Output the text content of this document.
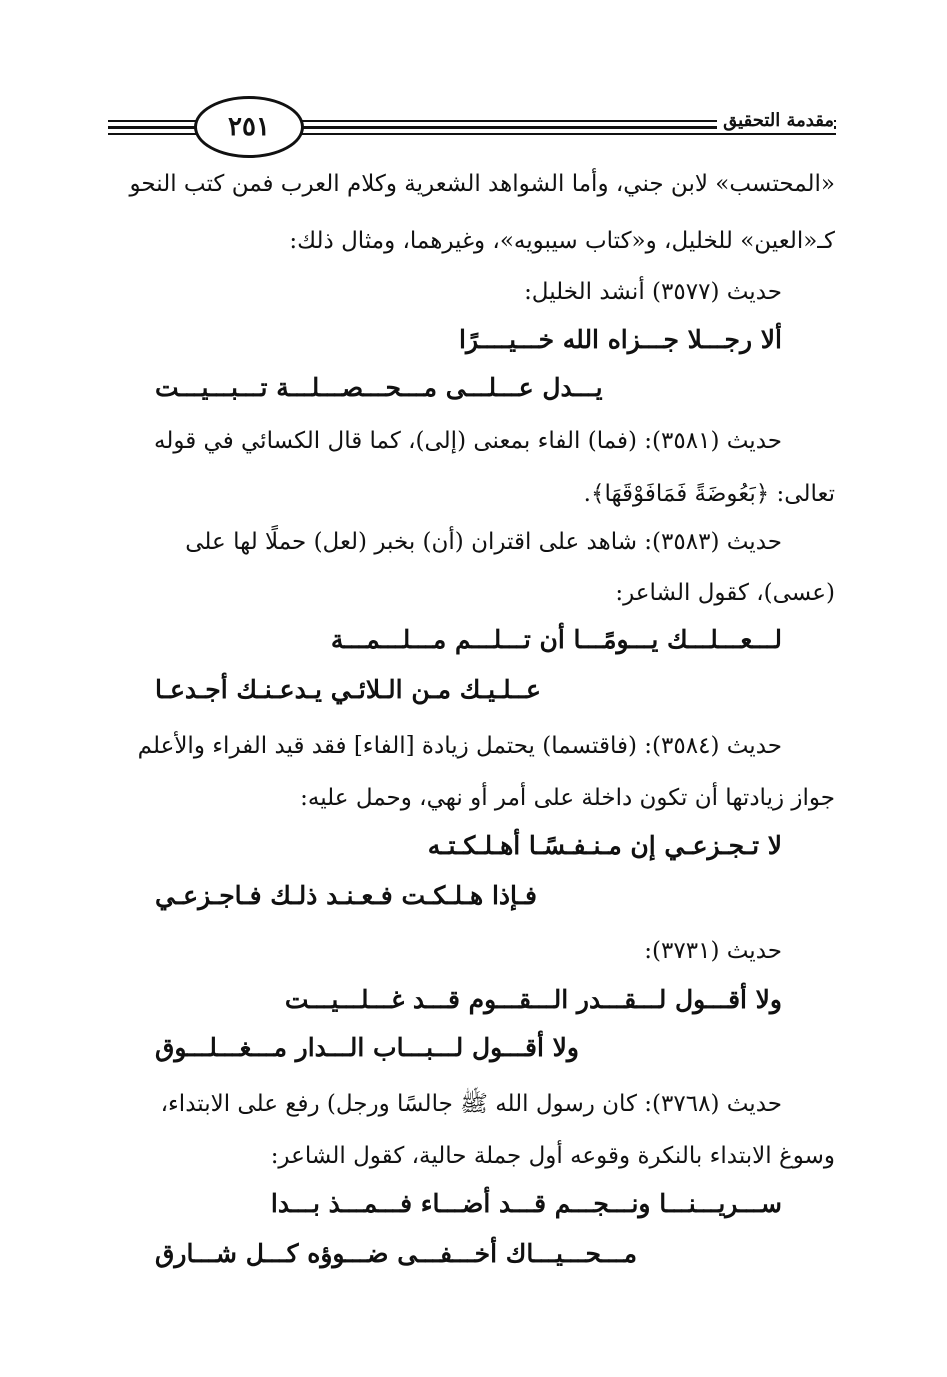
٢٥١	مقدمة التحقيق
«المحتسب» لابن جني، وأما الشواهد الشعرية وكلام العرب فمن كتب النحو
كـ«العين» للخليل، و«كتاب سيبويه»، وغيرهما، ومثال ذلك:
حديث (٣٥٧٧) أنشد الخليل:
ألا رجـــلا جـــزاه الله خـــيــــرًا
يـــدل عـــلـــى مـــحـــصـــلـــة تـــبـــيـــت
حديث (٣٥٨١): (فما) الفاء بمعنى (إلى)، كما قال الكسائي في قوله
تعالى: ﴿بَعُوضَةً فَمَافَوْقَهَا﴾.
حديث (٣٥٨٣): شاهد على اقتران (أن) بخبر (لعل) حملًا لها على
(عسى)، كقول الشاعر:
لـــعـــلـــك يـــومًـــا أن تـــلـــم مـــلـــمـــة
عــلـيـك مـن الـلائـي يـدعـنـك أجـدعـا
حديث (٣٥٨٤): (فاقتسما) يحتمل زيادة [الفاء] فقد قيد الفراء والأعلم
جواز زيادتها أن تكون داخلة على أمر أو نهي، وحمل عليه:
لا تـجـزعـي إن مـنـفـسًـا أهـلـكـتـه
فـإذا هـلـكـت فـعـنـد ذلـك فـاجـزعـي
حديث (٣٧٣١):
ولا أقـــول لـــقـــدر الـــقـــوم قـــد غـــلـــيـــت
ولا أقـــول لـــبـــاب الـــدار مـــغـــلـــوق
حديث (٣٧٦٨): كان رسول الله ﷺ جالسًا ورجل) رفع على الابتداء،
وسوغ الابتداء بالنكرة وقوعه أول جملة حالية، كقول الشاعر:
ســـريـــنـــا ونـــجـــم قـــد أضـــاء فـــمـــذ بـــدا
مـــحـــيـــاك أخـــفـــى ضـــوؤه كـــل شـــارق
